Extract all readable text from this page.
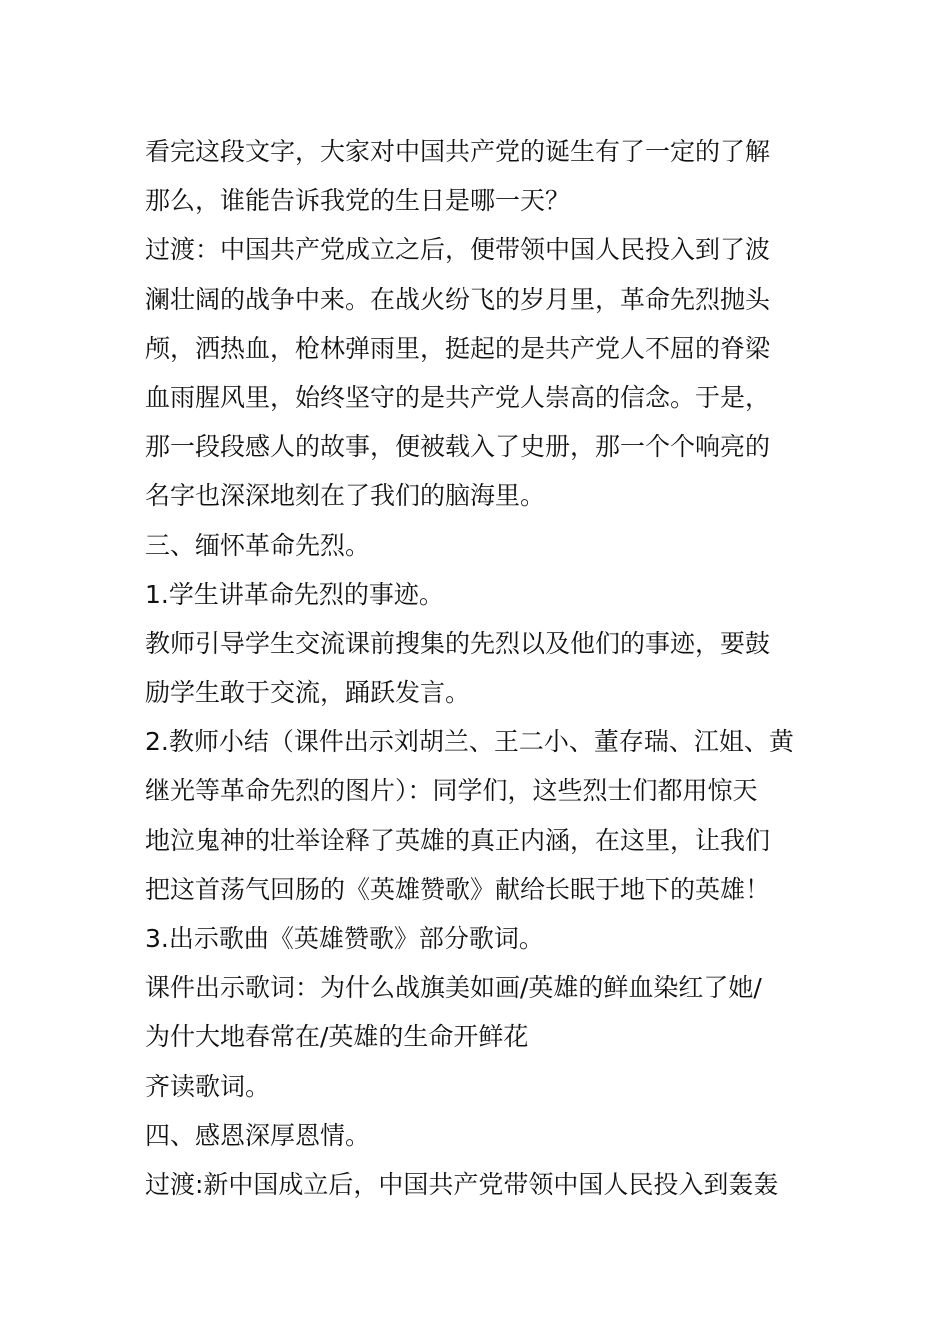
看完这段文字，大家对中国共产党的诞生有了一定的了解
那么，谁能告诉我党的生日是哪一天？
过渡：中国共产党成立之后，便带领中国人民投入到了波
澜壮阔的战争中来。在战火纷飞的岁月里，革命先烈抛头
颅，洒热血，枪林弹雨里，挺起的是共产党人不屈的脊梁
血雨腥风里，始终坚守的是共产党人崇高的信念。于是，
那一段段感人的故事，便被载入了史册，那一个个响亮的
名字也深深地刻在了我们的脑海里。
三、缅怀革命先烈。
1.学生讲革命先烈的事迹。
教师引导学生交流课前搜集的先烈以及他们的事迹，要鼓
励学生敢于交流，踊跃发言。
2.教师小结（课件出示刘胡兰、王二小、董存瑞、江姐、黄
继光等革命先烈的图片）：同学们，这些烈士们都用惊天
地泣鬼神的壮举诠释了英雄的真正内涵，在这里，让我们
把这首荡气回肠的《英雄赞歌》献给长眠于地下的英雄！
3.出示歌曲《英雄赞歌》部分歌词。
课件出示歌词：为什么战旗美如画/英雄的鲜血染红了她/
为什大地春常在/英雄的生命开鲜花
齐读歌词。
四、感恩深厚恩情。
过渡:新中国成立后，中国共产党带领中国人民投入到轰轰
